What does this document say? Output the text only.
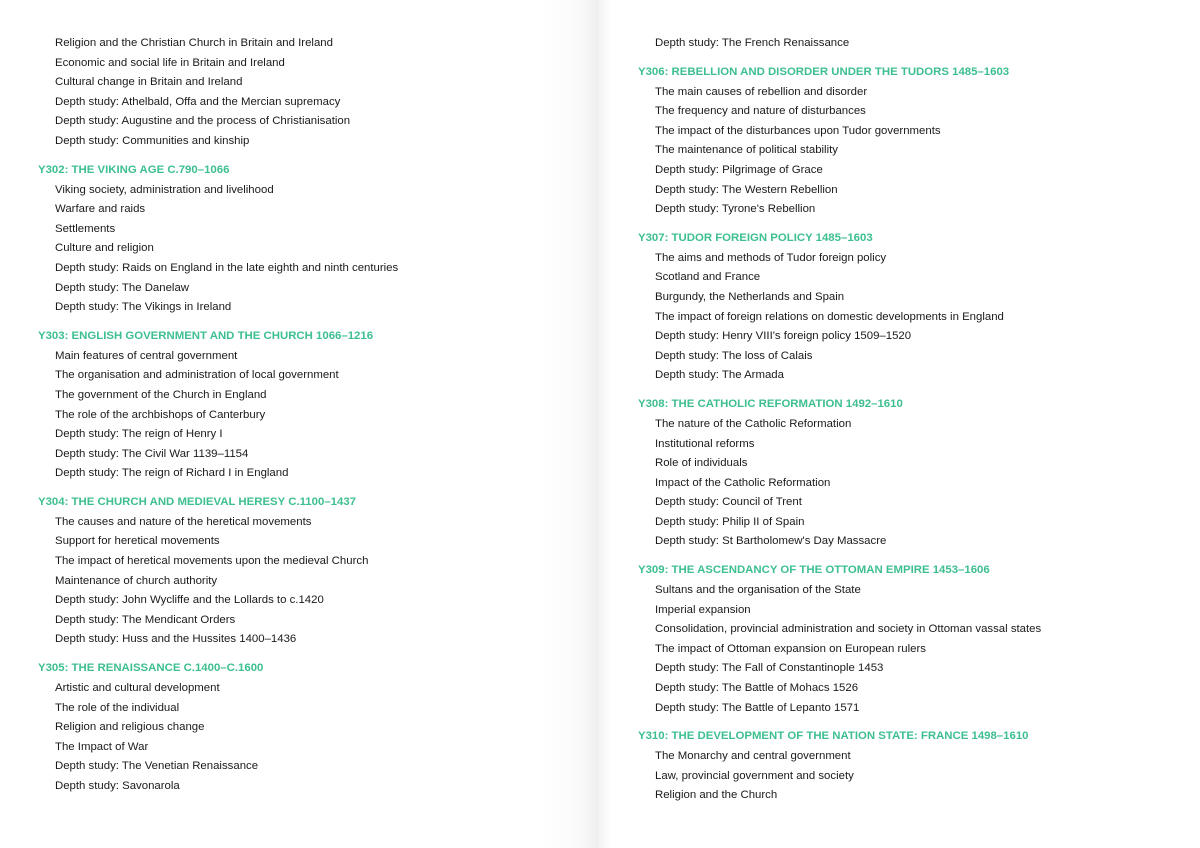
Religion and the Christian Church in Britain and Ireland
Economic and social life in Britain and Ireland
Cultural change in Britain and Ireland
Depth study: Athelbald, Offa and the Mercian supremacy
Depth study: Augustine and the process of Christianisation
Depth study: Communities and kinship
Y302: THE VIKING AGE C.790–1066
Viking society, administration and livelihood
Warfare and raids
Settlements
Culture and religion
Depth study: Raids on England in the late eighth and ninth centuries
Depth study: The Danelaw
Depth study: The Vikings in Ireland
Y303: ENGLISH GOVERNMENT AND THE CHURCH 1066–1216
Main features of central government
The organisation and administration of local government
The government of the Church in England
The role of the archbishops of Canterbury
Depth study: The reign of Henry I
Depth study: The Civil War 1139–1154
Depth study: The reign of Richard I in England
Y304: THE CHURCH AND MEDIEVAL HERESY C.1100–1437
The causes and nature of the heretical movements
Support for heretical movements
The impact of heretical movements upon the medieval Church
Maintenance of church authority
Depth study: John Wycliffe and the Lollards to c.1420
Depth study: The Mendicant Orders
Depth study: Huss and the Hussites 1400–1436
Y305: THE RENAISSANCE C.1400–C.1600
Artistic and cultural development
The role of the individual
Religion and religious change
The Impact of War
Depth study: The Venetian Renaissance
Depth study: Savonarola
Depth study: The French Renaissance
Y306: REBELLION AND DISORDER UNDER THE TUDORS 1485–1603
The main causes of rebellion and disorder
The frequency and nature of disturbances
The impact of the disturbances upon Tudor governments
The maintenance of political stability
Depth study: Pilgrimage of Grace
Depth study: The Western Rebellion
Depth study: Tyrone's Rebellion
Y307: TUDOR FOREIGN POLICY 1485–1603
The aims and methods of Tudor foreign policy
Scotland and France
Burgundy, the Netherlands and Spain
The impact of foreign relations on domestic developments in England
Depth study: Henry VIII's foreign policy 1509–1520
Depth study: The loss of Calais
Depth study: The Armada
Y308: THE CATHOLIC REFORMATION 1492–1610
The nature of the Catholic Reformation
Institutional reforms
Role of individuals
Impact of the Catholic Reformation
Depth study: Council of Trent
Depth study: Philip II of Spain
Depth study: St Bartholomew's Day Massacre
Y309: THE ASCENDANCY OF THE OTTOMAN EMPIRE 1453–1606
Sultans and the organisation of the State
Imperial expansion
Consolidation, provincial administration and society in Ottoman vassal states
The impact of Ottoman expansion on European rulers
Depth study: The Fall of Constantinople 1453
Depth study: The Battle of Mohacs 1526
Depth study: The Battle of Lepanto 1571
Y310: THE DEVELOPMENT OF THE NATION STATE: FRANCE 1498–1610
The Monarchy and central government
Law, provincial government and society
Religion and the Church
